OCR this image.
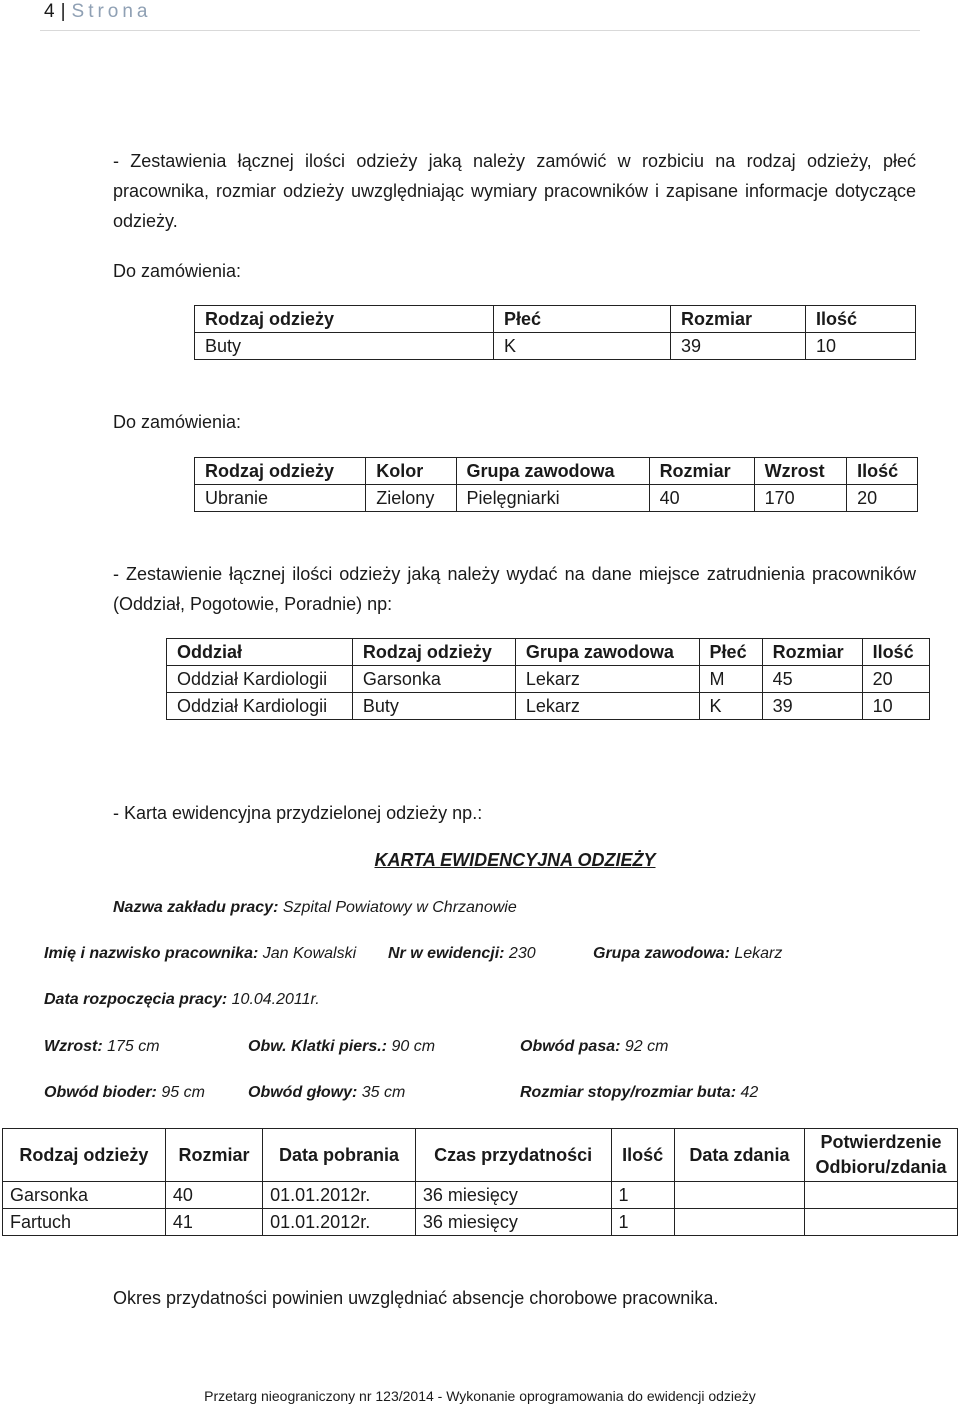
4 | Strona
- Zestawienia łącznej ilości odzieży jaką należy zamówić w rozbiciu na rodzaj odzieży, płeć pracownika, rozmiar odzieży uwzględniając wymiary pracowników i zapisane informacje dotyczące odzieży.
Do zamówienia:
Rodzaj odzieży	Płeć	Rozmiar	Ilość
Buty	K	39	10
Do zamówienia:
Rodzaj odzieży	Kolor	Grupa zawodowa	Rozmiar	Wzrost	Ilość
Ubranie	Zielony	Pielęgniarki	40	170	20
- Zestawienie łącznej ilości odzieży jaką należy wydać na dane miejsce zatrudnienia pracowników (Oddział, Pogotowie, Poradnie) np:
Oddział	Rodzaj odzieży	Grupa zawodowa	Płeć	Rozmiar	Ilość
Oddział Kardiologii	Garsonka	Lekarz	M	45	20
Oddział Kardiologii	Buty	Lekarz	K	39	10
- Karta ewidencyjna przydzielonej odzieży np.:
KARTA EWIDENCYJNA ODZIEŻY
Nazwa zakładu pracy: Szpital Powiatowy w Chrzanowie
Imię i nazwisko pracownika: Jan Kowalski Nr w ewidencji: 230	Grupa zawodowa: Lekarz
Data rozpoczęcia pracy: 10.04.2011r.
Wzrost: 175 cm	Obw. Klatki piers.: 90 cm	Obwód pasa: 92 cm
Obwód bioder: 95 cm	Obwód głowy: 35 cm	Rozmiar stopy/rozmiar buta: 42
Rodzaj odzieży	Rozmiar	Data pobrania	Czas przydatności	Ilość	Data zdania	Potwierdzenie Odbioru/zdania
Garsonka	40	01.01.2012r.	36 miesięcy	1		
Fartuch	41	01.01.2012r.	36 miesięcy	1		
Okres przydatności powinien uwzględniać absencje chorobowe pracownika.
Przetarg nieograniczony nr 123/2014 - Wykonanie oprogramowania do ewidencji odzieży
